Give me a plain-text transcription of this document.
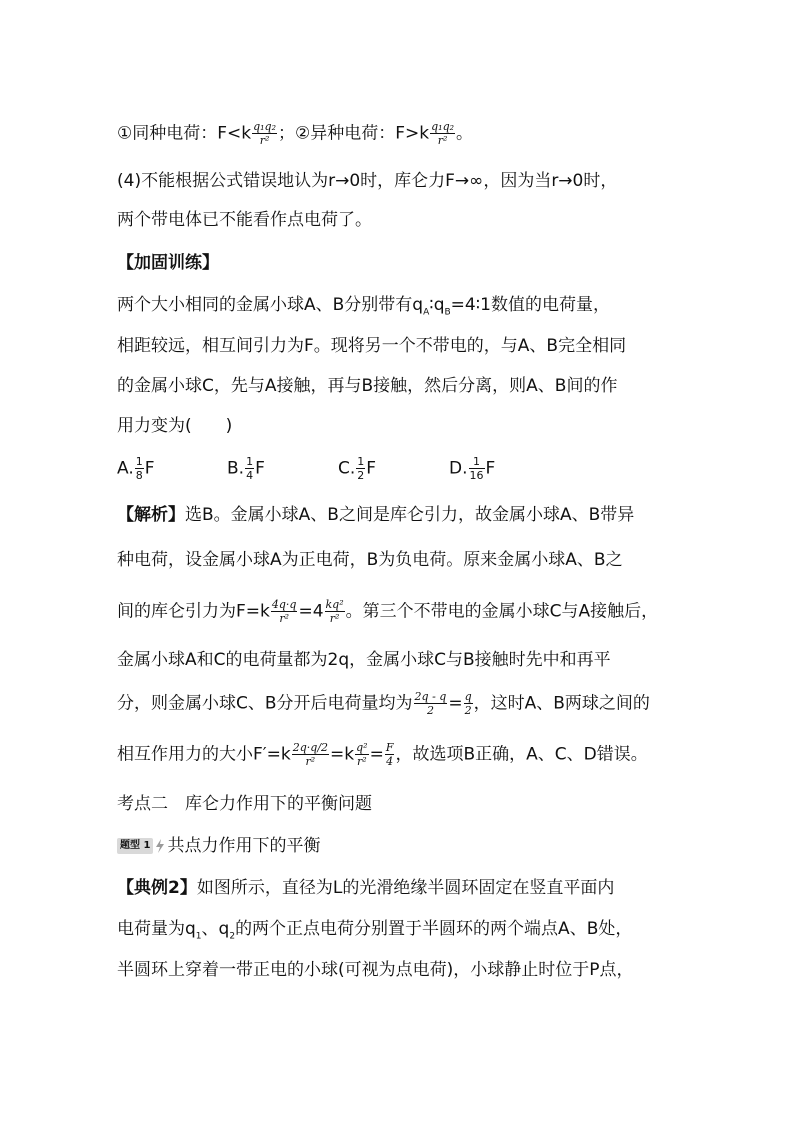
①同种电荷：$F<k \frac{\text{q₁q₂}}{\text{r²}}$ ；②异种电荷：$F>k \frac{\text{q₁q₂}}{\text{r²}}$ 。
(4)不能根据公式错误地认为r→0时，库仑力F→∞，因为当r→0时，
两个带电体已不能看作点电荷了。
【加固训练】
两个大小相同的金属小球A、B分别带有$q_A∶q_B=4∶1$数值的电荷量，
相距较远，相互间引力为F。现将另一个不带电的，与A、B完全相同
的金属小球C，先与A接触，再与B接触，然后分离，则A、B间的作
用力变为(　　)
A. $\frac{1}{8}$ F	B. $\frac{1}{4}$ F	C. $\frac{1}{2}$ F	D. $\frac{1}{16}$ F
【解析】选B。金属小球A、B之间是库仑引力，故金属小球A、B带异
种电荷，设金属小球A为正电荷，B为负电荷。原来金属小球A、B之
间的库仑引力为$F=k \frac{4q\cdot q}{\text{r²}} =4 \frac{\text{kq²}}{\text{r²}}$ 。第三个不带电的金属小球C与A接触后，
金属小球A和C的电荷量都为2q，金属小球C与B接触时先中和再平
分，则金属小球C、B分开后电荷量均为 $\frac{2q - q}{2} = \frac{q}{2}$ ，这时A、B两球之间的
相互作用力的大小$F'=k \frac{2q\cdot q/2}{\text{r²}} =k \frac{\text{q²}}{\text{r²}} = \frac{F}{4}$ ，故选项B正确，A、C、D错误。
考点二　库仑力作用下的平衡问题
题型 1 共点力作用下的平衡
【典例2】如图所示，直径为L的光滑绝缘半圆环固定在竖直平面内
电荷量为$q_1$、$q_2$的两个正点电荷分别置于半圆环的两个端点A、B处，
半圆环上穿着一带正电的小球(可视为点电荷)，小球静止时位于P点，
